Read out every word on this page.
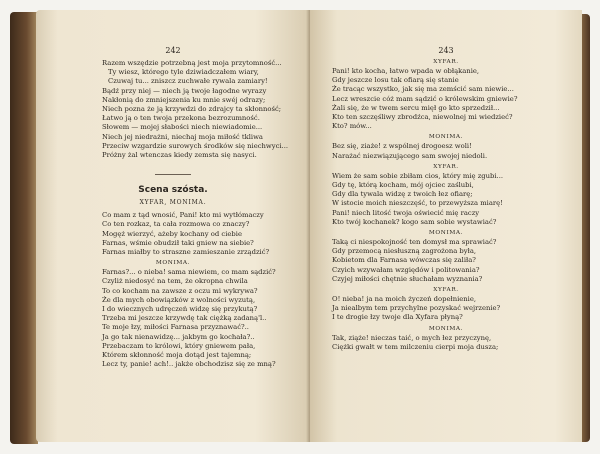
242
Razem wszędzie potrzebną jest moja przytomność...
Ty wiesz, którego tyle dziwiadczałem wiary,
Czuwaj tu... zniszcz zuchwałe rywala zamiary!
Bądź przy niej — niech ją twoje łagodne wyrazy
Nakłonią do zmniejszenia ku mnie swéj odrazy;
Niech poznа że ją krzywdzi do zdrajcy ta skłonność;
Łatwo ją o ten twoja przekona bezrozumność.
Słowem — mojej słabości niech niewiadomie...
Niech jej niedrażni, niechaj moja miłość tkliwa
Przeciw wzgardzie surowych środków się niechwyci...
Próżny żal wtenczas kiedy zemsta się nasyci.
Scena szósta.
XYFAR, MONIMA.
Co mam z tąd wnosić, Pani! kto mi wytłómaczy
Co ten rozkaz, ta cała rozmowa co znaczy?
Mogęż wierzyć, ażeby kochany od ciebie
Farnas, wśmie obudził taki gniew na siebie?
Farnas miałby to straszne zamieszanie zrządzić?
MONIMA.
Farnas?... o nieba! sama niewiem, co mam sądzić?
Czyliż niedosyć na tem, że okropna chwila
To co kocham na zawsze z oczu mi wykrywa?
Że dla mych obowiązków z wolności wyzutą,
I do wiecznych udręczeń widzę się przykutą?
Trzeba mi jeszcze krzywdę tak ciężką zadaną'l..
Te moje łzy, miłości Farnasa przyznawać?..
Ja go tak nienawidzę... jakbym go kochała?..
Przebaczam to królowi, który gniewem pała,
Którem skłonność moja dotąd jest tajemną;
Lecz ty, panie! ach!.. jakże obchodzisz się ze mną?
243
XYFAR.
Pani! kto kocha, łatwo wpada w obłąkanie,
Gdy jeszcze losu tak ofiarą się stanie
Że tracąc wszystko, jak się ma zemścić sam niewie...
Lecz wreszcie cóż mam sądzić o królewskim gniewie?
Żali się, że w twem sercu mięł go kto sprzedził...
Kto ten szczęśliwy zbrodźca, niewolnej mi wiedzieć?
Kto? mów...
MONIMA.
Bez się, ziaże! z wspólnej drogoesz woli!
Narażać niezwiązującego sam swojej niedoli.
XYFAR.
Wiem że sam sobie zbiłam cios, który mię zgubi...
Gdy tę, którą kocham, mój ojciec zaślubi,
Gdy dla tywalа widzę z twoich łez ofiarę;
W istocie moich nieszczęść, to przewyższa miarę!
Pani! niech litość twoja oświecić mię raczy
Kto twój kochanek? kogo sam sobie wystawiać?
MONIMA.
Taką ci niespokojność ten domysł ma sprawiać?
Gdy przemocą niesłuszną zagrożona była,
Kobietom dla Farnasa wówczas się zaliła?
Czyich wzywałam wzgiędów i politowania?
Czyjej miłości chętnie słuchałam wyznania?
XYFAR.
O! nieba! ja na moich życzeń dopełnienie,
Ja niealbym tem przychylne pozyskać wejrzenie?
I te drogie łzy twoje dla Xyfara płyną?
MONIMA.
Tak, ziąże! nieczas taić, o mych łez przyczynę,
Ciężki gwałt w tem milczeniu cierpi moja dusza;
